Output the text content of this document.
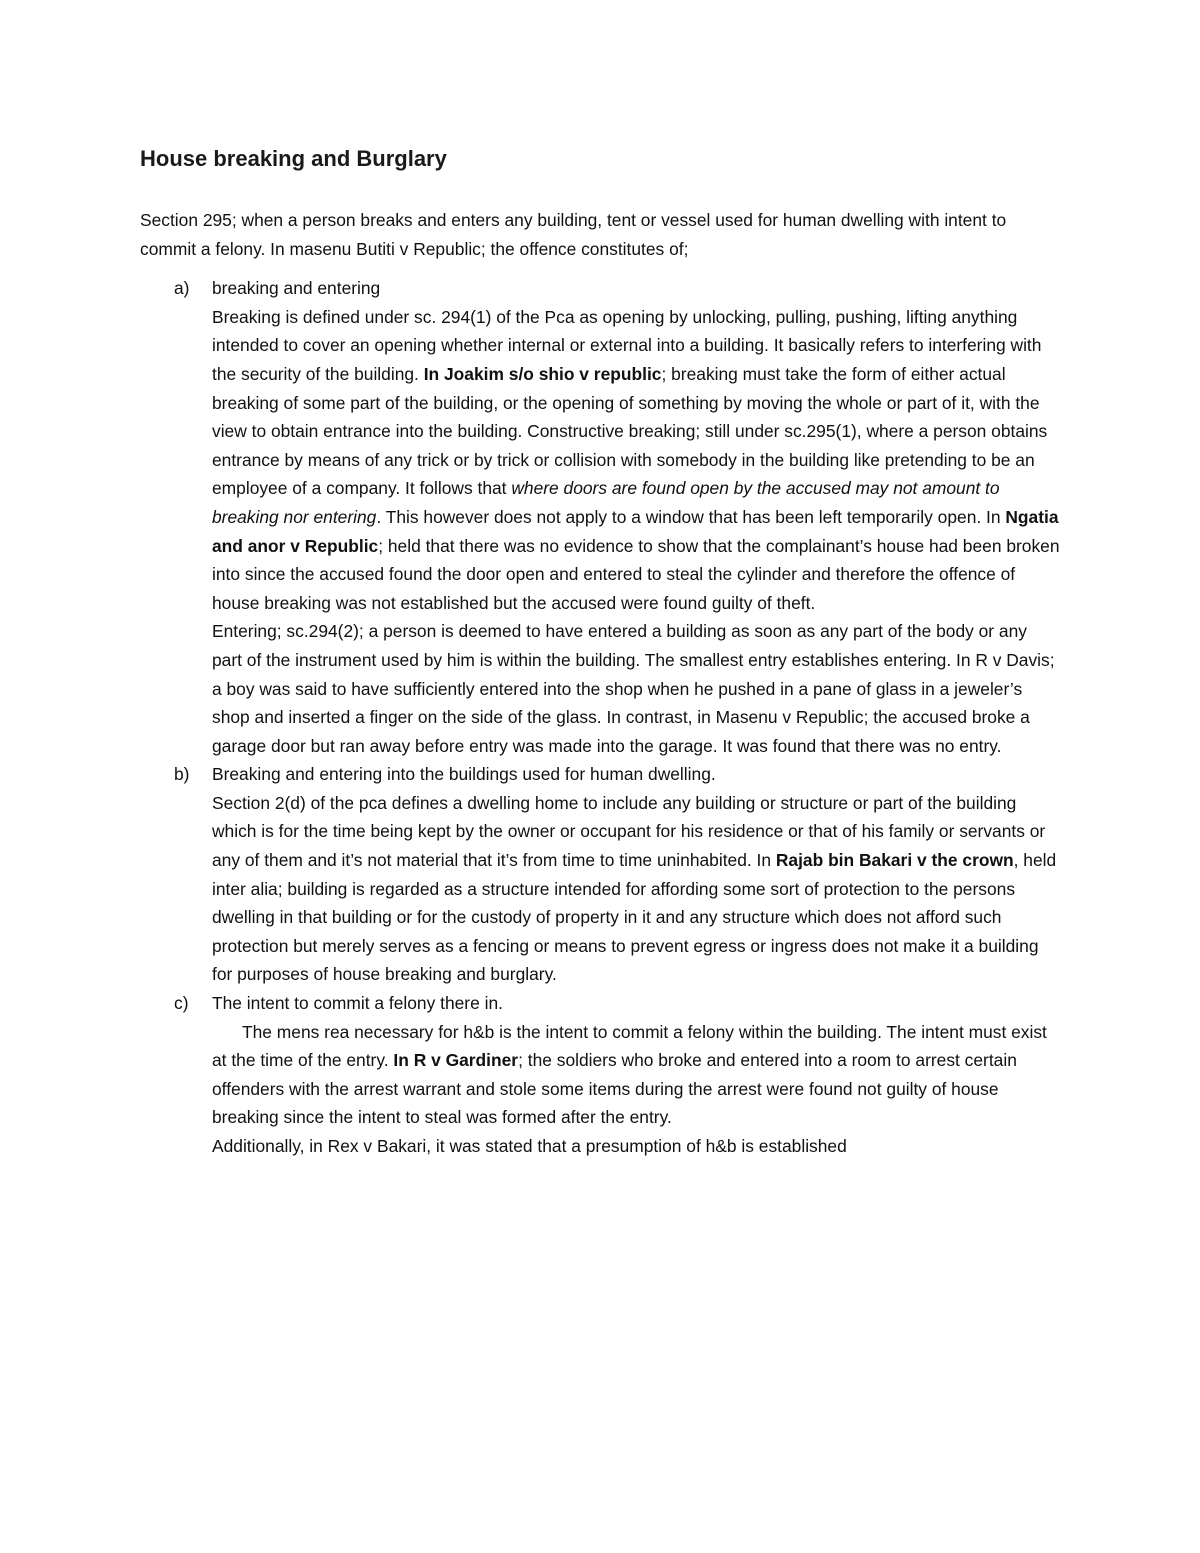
House breaking and Burglary

Section 295; when a person breaks and enters any building, tent or vessel used for human dwelling with intent to commit a felony. In masenu Butiti v Republic; the offence constitutes of;

a) breaking and entering

Breaking is defined under sc. 294(1) of the Pca as opening by unlocking, pulling, pushing, lifting anything intended to cover an opening whether internal or external into a building. It basically refers to interfering with the security of the building. In Joakim s/o shio v republic; breaking must take the form of either actual breaking of some part of the building, or the opening of something by moving the whole or part of it, with the view to obtain entrance into the building. Constructive breaking; still under sc.295(1), where a person obtains entrance by means of any trick or by trick or collision with somebody in the building like pretending to be an employee of a company. It follows that where doors are found open by the accused may not amount to breaking nor entering. This however does not apply to a window that has been left temporarily open. In Ngatia and anor v Republic; held that there was no evidence to show that the complainant’s house had been broken into since the accused found the door open and entered to steal the cylinder and therefore the offence of house breaking was not established but the accused were found guilty of theft.

Entering; sc.294(2); a person is deemed to have entered a building as soon as any part of the body or any part of the instrument used by him is within the building. The smallest entry establishes entering. In R v Davis; a boy was said to have sufficiently entered into the shop when he pushed in a pane of glass in a jeweler’s shop and inserted a finger on the side of the glass. In contrast, in Masenu v Republic; the accused broke a garage door but ran away before entry was made into the garage. It was found that there was no entry.

b) Breaking and entering into the buildings used for human dwelling.

Section 2(d) of the pca defines a dwelling home to include any building or structure or part of the building which is for the time being kept by the owner or occupant for his residence or that of his family or servants or any of them and it’s not material that it’s from time to time uninhabited. In Rajab bin Bakari v the crown, held inter alia; building is regarded as a structure intended for affording some sort of protection to the persons dwelling in that building or for the custody of property in it and any structure which does not afford such protection but merely serves as a fencing or means to prevent egress or ingress does not make it a building for purposes of house breaking and burglary.

c) The intent to commit a felony there in.

The mens rea necessary for h&b is the intent to commit a felony within the building. The intent must exist at the time of the entry. In R v Gardiner; the soldiers who broke and entered into a room to arrest certain offenders with the arrest warrant and stole some items during the arrest were found not guilty of house breaking since the intent to steal was formed after the entry.

Additionally, in Rex v Bakari, it was stated that a presumption of h&b is established
